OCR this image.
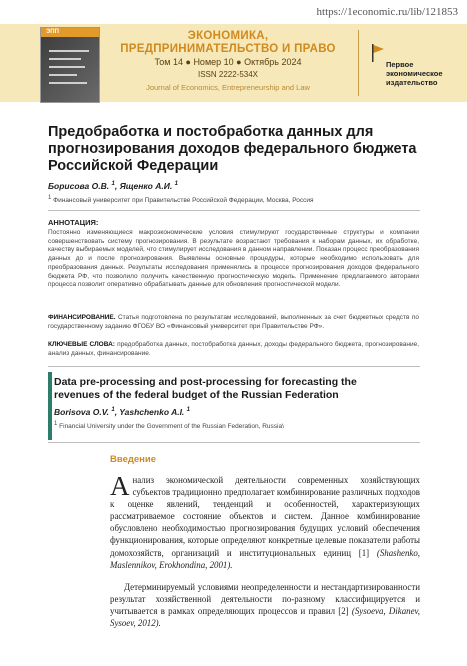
https://1economic.ru/lib/121853
ЭПП	ЭКОНОМИКА,
ПРЕДПРИНИМАТЕЛЬСТВО И ПРАВО
Том 14 ● Номер 10 ● Октябрь 2024
ISSN 2222-534X
Journal of Economics, Entrepreneurship and Law
Первое
экономическое
издательство
Предобработка и постобработка данных для прогнозирования доходов федерального бюджета Российской Федерации
Борисова О.В. $^1$, Ященко А.И. $^1$
1 Финансовый университет при Правительстве Российской Федерации, Москва, Россия
АННОТАЦИЯ:

Постоянно изменяющиеся макроэкономические условия стимулируют государственные структуры и компании совершенствовать систему прогнозирования. В результате возрастают требования к наборам данных, их обработке, качеству выбираемых моделей, что стимулирует исследования в данном направлении. Показан процесс преобразования данных до и после прогнозирования. Выявлены основные процедуры, которые необходимо использовать для преобразования данных. Результаты исследования применялись в процессе прогнозирования доходов федерального бюджета РФ, что позволило получить качественную прогностическую модель. Применение предлагаемого авторами процесса позволит оперативно обрабатывать данные для обновления прогностической модели.

ФИНАНСИРОВАНИЕ. Статья подготовлена по результатам исследований, выполненных за счет бюджетных средств по государственному заданию ФГОБУ ВО «Финансовый университет при Правительстве РФ».

КЛЮЧЕВЫЕ СЛОВА: предобработка данных, постобработка данных, доходы федерального бюджета, прогнозирование, анализ данных, финансирование.

Data pre-processing and post-processing for forecasting the revenues of the federal budget of the Russian Federation

Borisova O.V. $^1$, Yashchenko A.I. $^1$
1 Financial University under the Government of the Russian Federation, Russia\
Введение

Анализ экономической деятельности современных хозяйствующих субъектов традиционно предполагает комбинирование различных подходов к оценке явлений, тенденций и особенностей, характеризующих рассматриваемое состояние объектов и систем. Данное комбинирование обусловлено необходимостью прогнозирования будущих условий обеспечения функционирования, которые определяют конкретные целевые показатели работы домохозяйств, организаций и институциональных единиц [1] (Shashenko, Maslennikov, Erokhondina, 2001).

Детерминируемый условиями неопределенности и нестандартизированности результат хозяйственной деятельности по-разному классифицируется и учитывается в рамках определяющих процессов и правил [2] (Sysoeva, Dikanev, Sysoev, 2012).
